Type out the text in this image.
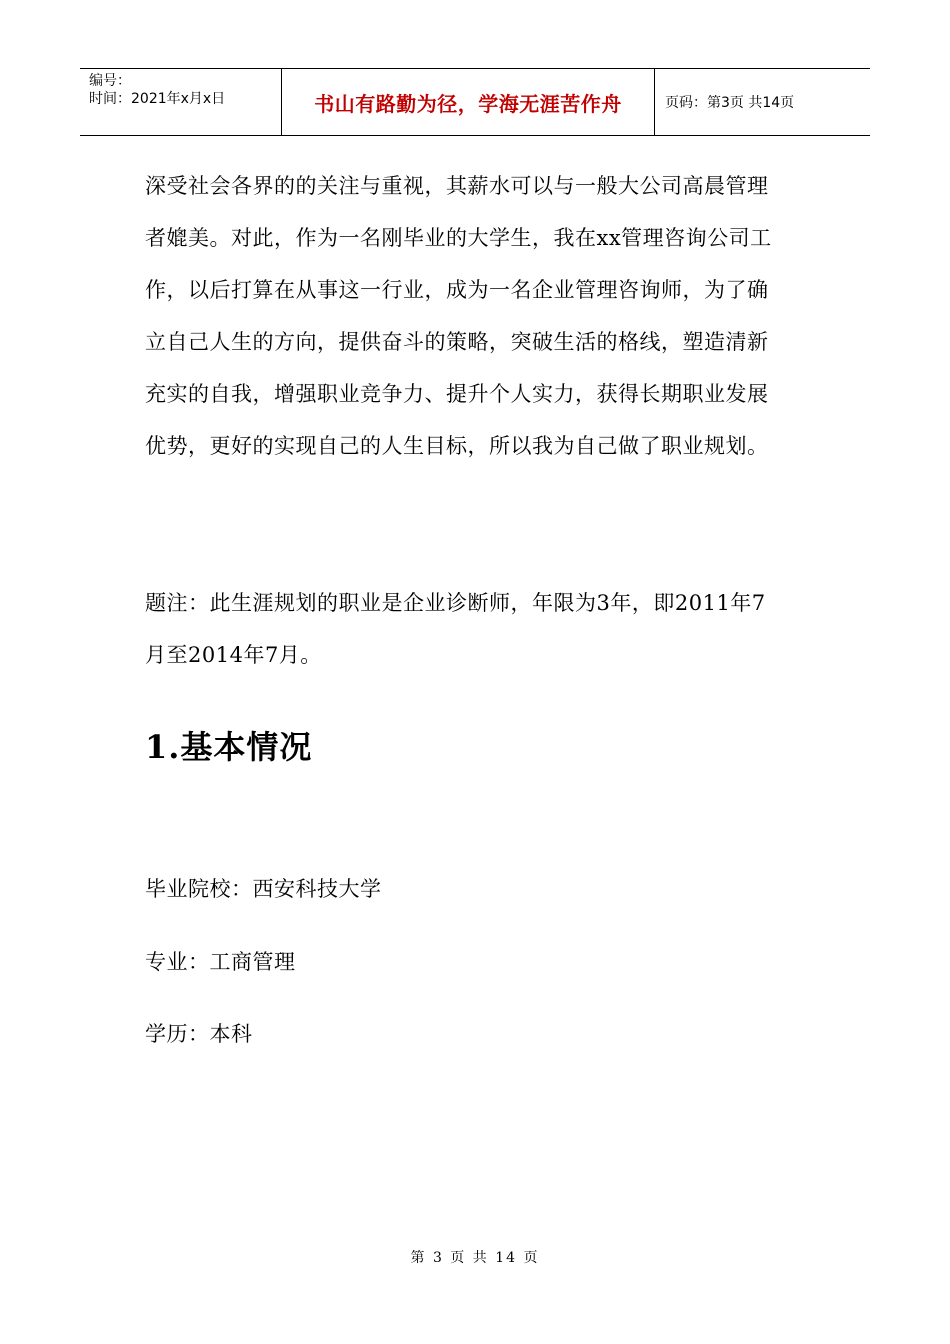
编号：
时间：2021年x月x日	书山有路勤为径，学海无涯苦作舟	页码：第3页 共14页

深受社会各界的的关注与重视，其薪水可以与一般大公司高晨管理
者媲美。对此，作为一名刚毕业的大学生，我在xx管理咨询公司工
作，以后打算在从事这一行业，成为一名企业管理咨询师，为了确
立自己人生的方向，提供奋斗的策略，突破生活的格线，塑造清新
充实的自我，增强职业竞争力、提升个人实力，获得长期职业发展
优势，更好的实现自己的人生目标，所以我为自己做了职业规划。

题注：此生涯规划的职业是企业诊断师，年限为3年，即2011年7
月至2014年7月。

1.基本情况

毕业院校：西安科技大学

专业：工商管理

学历：本科

第 3 页 共 14 页
